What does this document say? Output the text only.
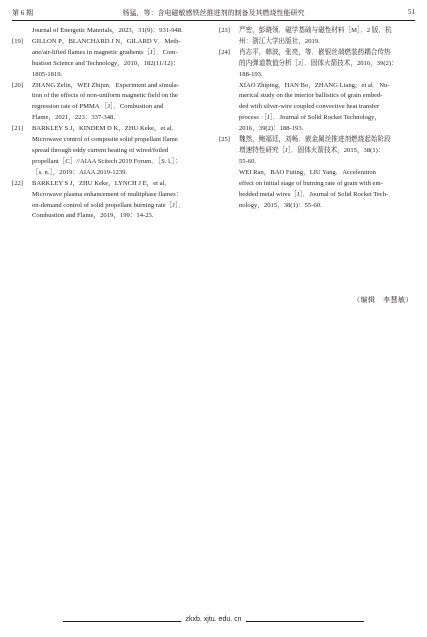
第 6 期	杨猛，等：含电磁敏感铁丝推进剂的制备及其燃烧性能研究	51
Journal of Energetic Materials，2023，31(9)：931-948.
[19] GILLON P，BLANCHARD J N，GILARD V．Meth-
ane/air-lifted flames in magnetic gradients［J］．Com-
bustion Science and Technology，2010，182(11/12)：
1805-1819.
[20] ZHANG Zelin，WEI Zhijun．Experiment and simula-
tion of the effects of non-uniform magnetic field on the
regression rate of PMMA ［J］．Combustion and
Flame，2021，223：337-348.
[21] BARKLEY S J，KINDEM D K，ZHU Keke，et al．
Microwave control of composite solid propellant flame
spread through eddy current heating of wired/foiled
propellant［C］//AIAA Scitech 2019 Forum．［S. l.］：
［s. n.］，2019：AIAA 2019-1239.
[22] BARKLEY S J，ZHU Keke，LYNCH J E，et al．
Microwave plasma enhancement of multiphase flames：
on-demand control of solid propellant burning rate［J］．
Combustion and Flame，2019，199：14-23.
[23] 严密，彭晓领．磁学基础与磁性材料［M］．2 版．杭
州：浙江大学出版社，2019.
[24] 肖志平，韩波，张亮，等．嵌银丝端燃装药耦合传热
的内弹道数值分析［J］．固体火箭技术，2016，39(2)：
188-193.
XIAO Zhiping，HAN Bo，ZHANG Liang，et al．Nu-
merical study on the interior ballistics of grain embed-
ded with silver-wire coupled convective heat transfer
process ［J］．Journal of Solid Rocket Technology，
2016，39(2)：188-193.
[25] 魏然，鲍福廷，刘畅．嵌金属丝推进剂燃烧起始阶段
增速特性研究［J］．固体火箭技术，2015，38(1)：
55-60.
WEI Ran，BAO Futing，LIU Yang．Acceleration
effect on initial stage of burning rate of grain with em-
bedded metal wires［J］．Journal of Solid Rocket Tech-
nology，2015，38(1)：55-60.
（编辑　李慧敏）
zkxb. xjtu. edu. cn
